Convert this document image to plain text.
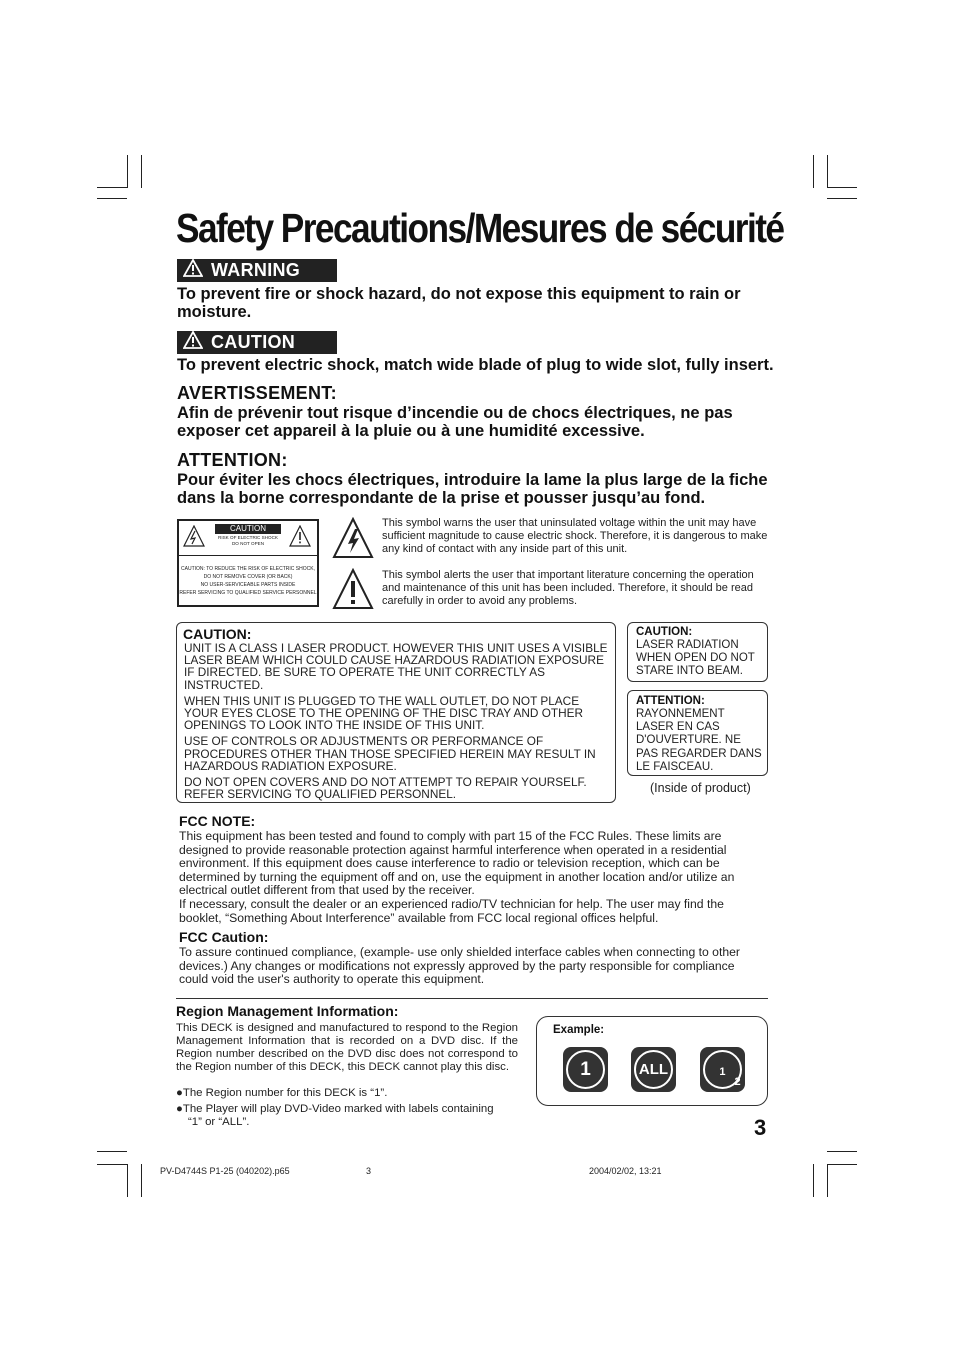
Safety Precautions/Mesures de sécurité
WARNING
To prevent fire or shock hazard, do not expose this equipment to rain or moisture.
CAUTION
To prevent electric shock, match wide blade of plug to wide slot, fully insert.
AVERTISSEMENT:
Afin de prévenir tout risque d’incendie ou de chocs électriques, ne pas exposer cet appareil à la pluie ou à une humidité excessive.
ATTENTION:
Pour éviter les chocs électriques, introduire la lame la plus large de la fiche dans la borne correspondante de la prise et pousser jusqu’au fond.
CAUTION
RISK OF ELECTRIC SHOCK
DO NOT OPEN
CAUTION: TO REDUCE THE RISK OF ELECTRIC SHOCK,
DO NOT REMOVE COVER (OR BACK)
NO USER-SERVICEABLE PARTS INSIDE
REFER SERVICING TO QUALIFIED SERVICE PERSONNEL
This symbol warns the user that uninsulated voltage within the unit may have sufficient magnitude to cause electric shock. Therefore, it is dangerous to make any kind of contact with any inside part of this unit.
This symbol alerts the user that important literature concerning the operation and maintenance of this unit has been included. Therefore, it should be read carefully in order to avoid any problems.
CAUTION:

UNIT IS A CLASS I LASER PRODUCT. HOWEVER THIS UNIT USES A VISIBLE LASER BEAM WHICH COULD CAUSE HAZARDOUS RADIATION EXPOSURE IF DIRECTED. BE SURE TO OPERATE THE UNIT CORRECTLY AS INSTRUCTED.

WHEN THIS UNIT IS PLUGGED TO THE WALL OUTLET, DO NOT PLACE YOUR EYES CLOSE TO THE OPENING OF THE DISC TRAY AND OTHER OPENINGS TO LOOK INTO THE INSIDE OF THIS UNIT.

USE OF CONTROLS OR ADJUSTMENTS OR PERFORMANCE OF PROCEDURES OTHER THAN THOSE SPECIFIED HEREIN MAY RESULT IN HAZARDOUS RADIATION EXPOSURE.

DO NOT OPEN COVERS AND DO NOT ATTEMPT TO REPAIR YOURSELF. REFER SERVICING TO QUALIFIED PERSONNEL.

CAUTION:
LASER RADIATION WHEN OPEN DO NOT STARE INTO BEAM.
ATTENTION:
RAYONNEMENT LASER EN CAS D'OUVERTURE. NE PAS REGARDER DANS LE FAISCEAU.
(Inside of product)
FCC NOTE:

This equipment has been tested and found to comply with part 15 of the FCC Rules. These limits are designed to provide reasonable protection against harmful interference when operated in a residential environment. If this equipment does cause interference to radio or television reception, which can be determined by turning the equipment off and on, use the equipment in another location and/or utilize an electrical outlet different from that used by the receiver.

If necessary, consult the dealer or an experienced radio/TV technician for help. The user may find the booklet, “Something About Interference” available from FCC local regional offices helpful.

FCC Caution:
To assure continued compliance, (example- use only shielded interface cables when connecting to other devices.) Any changes or modifications not expressly approved by the party responsible for compliance could void the user's authority to operate this equipment.
Region Management Information:
This DECK is designed and manufactured to respond to the Region Management Information that is recorded on a DVD disc. If the Region number described on the DVD disc does not correspond to the Region number of this DECK, this DECK cannot play this disc.
●The Region number for this DECK is “1”.
●The Player will play DVD-Video marked with labels containing “1” or “ALL”.
Example:
1	ALL	1
2
4
3
PV-D4744S P1-25 (040202).p65	3	2004/02/02, 13:21
